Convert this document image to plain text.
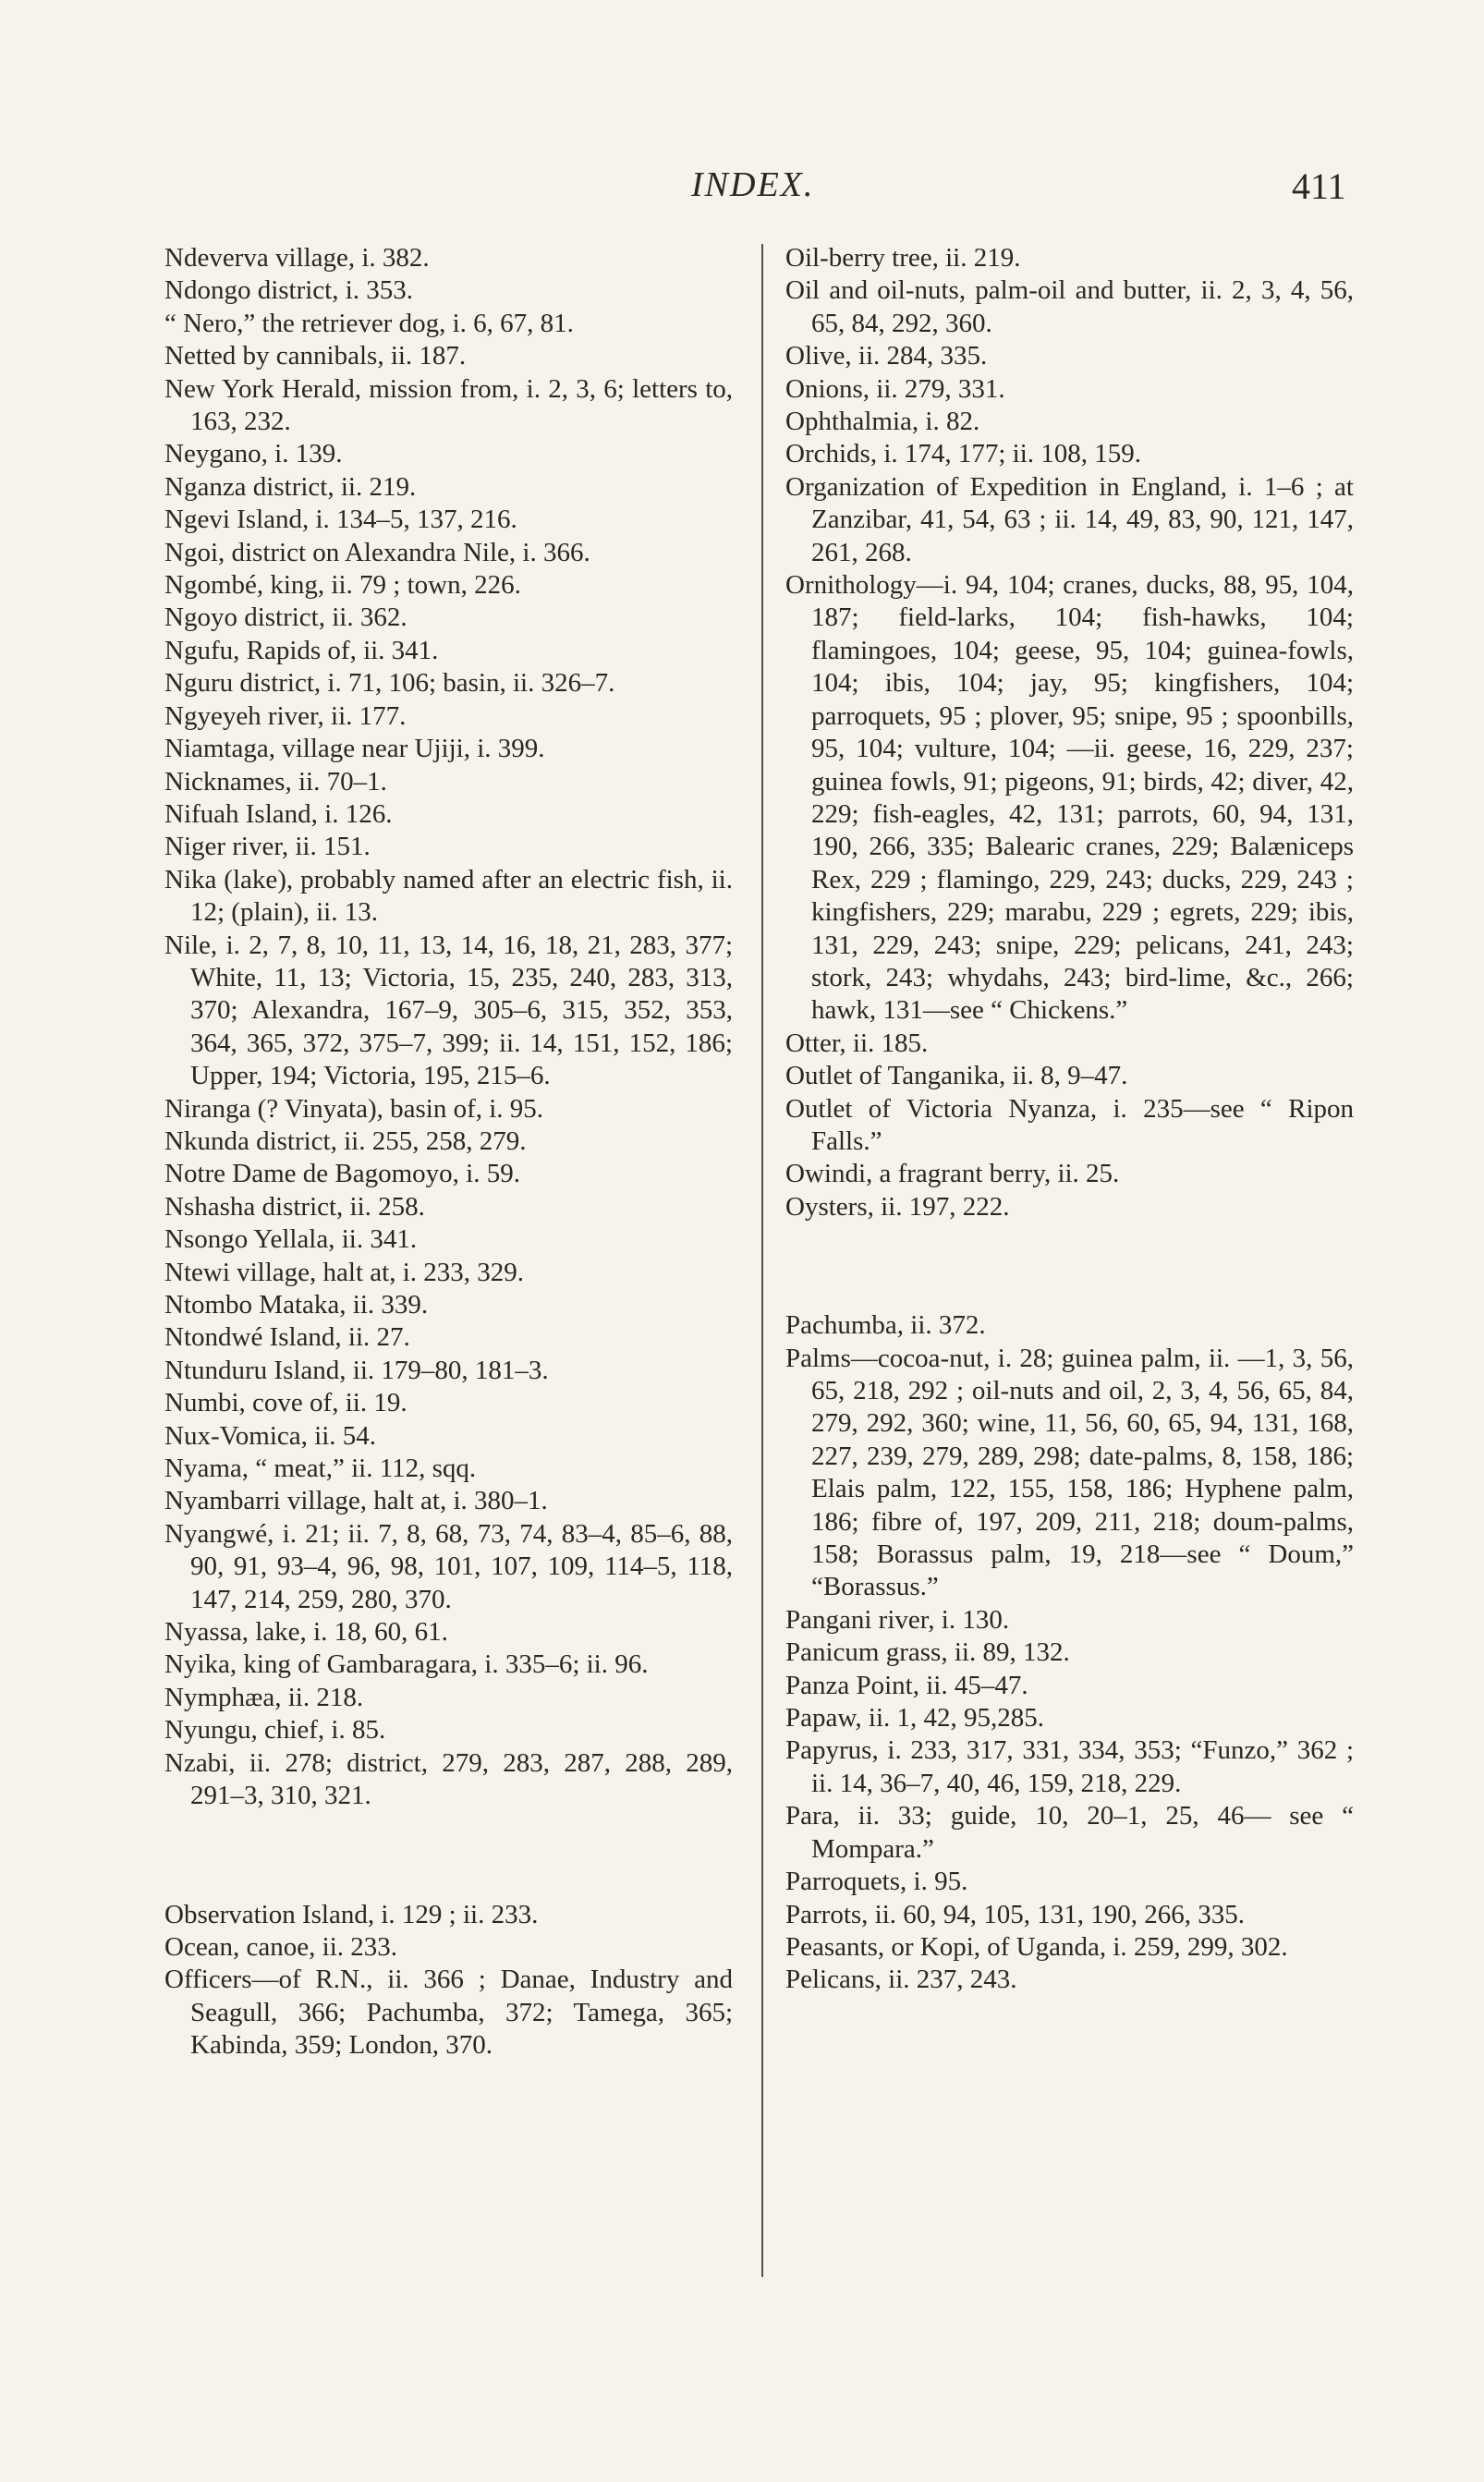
INDEX.	411

Ndeverva village, i. 382.

Ndongo district, i. 353.

“ Nero,” the retriever dog, i. 6, 67, 81.

Netted by cannibals, ii. 187.

New York Herald, mission from, i. 2, 3, 6; letters to, 163, 232.

Neygano, i. 139.

Nganza district, ii. 219.

Ngevi Island, i. 134–5, 137, 216.

Ngoi, district on Alexandra Nile, i. 366.

Ngombé, king, ii. 79 ; town, 226.

Ngoyo district, ii. 362.

Ngufu, Rapids of, ii. 341.

Nguru district, i. 71, 106; basin, ii. 326–7.

Ngyeyeh river, ii. 177.

Niamtaga, village near Ujiji, i. 399.

Nicknames, ii. 70–1.

Nifuah Island, i. 126.

Niger river, ii. 151.

Nika (lake), probably named after an electric fish, ii. 12; (plain), ii. 13.

Nile, i. 2, 7, 8, 10, 11, 13, 14, 16, 18, 21, 283, 377; White, 11, 13; Victoria, 15, 235, 240, 283, 313, 370; Alexandra, 167–9, 305–6, 315, 352, 353, 364, 365, 372, 375–7, 399; ii. 14, 151, 152, 186; Upper, 194; Victoria, 195, 215–6.

Niranga (? Vinyata), basin of, i. 95.

Nkunda district, ii. 255, 258, 279.

Notre Dame de Bagomoyo, i. 59.

Nshasha district, ii. 258.

Nsongo Yellala, ii. 341.

Ntewi village, halt at, i. 233, 329.

Ntombo Mataka, ii. 339.

Ntondwé Island, ii. 27.

Ntunduru Island, ii. 179–80, 181–3.

Numbi, cove of, ii. 19.

Nux-Vomica, ii. 54.

Nyama, “ meat,” ii. 112, sqq.

Nyambarri village, halt at, i. 380–1.

Nyangwé, i. 21; ii. 7, 8, 68, 73, 74, 83–4, 85–6, 88, 90, 91, 93–4, 96, 98, 101, 107, 109, 114–5, 118, 147, 214, 259, 280, 370.

Nyassa, lake, i. 18, 60, 61.

Nyika, king of Gambaragara, i. 335–6; ii. 96.

Nymphæa, ii. 218.

Nyungu, chief, i. 85.

Nzabi, ii. 278; district, 279, 283, 287, 288, 289, 291–3, 310, 321.

Observation Island, i. 129 ; ii. 233.

Ocean, canoe, ii. 233.

Officers—of R.N., ii. 366 ; Danae, Industry and Seagull, 366; Pachumba, 372; Tamega, 365; Kabinda, 359; London, 370.

Oil-berry tree, ii. 219.

Oil and oil-nuts, palm-oil and butter, ii. 2, 3, 4, 56, 65, 84, 292, 360.

Olive, ii. 284, 335.

Onions, ii. 279, 331.

Ophthalmia, i. 82.

Orchids, i. 174, 177; ii. 108, 159.

Organization of Expedition in England, i. 1–6 ; at Zanzibar, 41, 54, 63 ; ii. 14, 49, 83, 90, 121, 147, 261, 268.

Ornithology—i. 94, 104; cranes, ducks, 88, 95, 104, 187; field-larks, 104; fish-hawks, 104; flamingoes, 104; geese, 95, 104; guinea-fowls, 104; ibis, 104; jay, 95; kingfishers, 104; parroquets, 95 ; plover, 95; snipe, 95 ; spoonbills, 95, 104; vulture, 104; —ii. geese, 16, 229, 237; guinea fowls, 91; pigeons, 91; birds, 42; diver, 42, 229; fish-eagles, 42, 131; parrots, 60, 94, 131, 190, 266, 335; Balearic cranes, 229; Balæniceps Rex, 229 ; flamingo, 229, 243; ducks, 229, 243 ; kingfishers, 229; marabu, 229 ; egrets, 229; ibis, 131, 229, 243; snipe, 229; pelicans, 241, 243; stork, 243; whydahs, 243; bird-lime, &c., 266; hawk, 131—see “ Chickens.”

Otter, ii. 185.

Outlet of Tanganika, ii. 8, 9–47.

Outlet of Victoria Nyanza, i. 235—see “ Ripon Falls.”

Owindi, a fragrant berry, ii. 25.

Oysters, ii. 197, 222.

Pachumba, ii. 372.

Palms—cocoa-nut, i. 28; guinea palm, ii. —1, 3, 56, 65, 218, 292 ; oil-nuts and oil, 2, 3, 4, 56, 65, 84, 279, 292, 360; wine, 11, 56, 60, 65, 94, 131, 168, 227, 239, 279, 289, 298; date-palms, 8, 158, 186; Elais palm, 122, 155, 158, 186; Hyphene palm, 186; fibre of, 197, 209, 211, 218; doum-palms, 158; Borassus palm, 19, 218—see “ Doum,” “Borassus.”

Pangani river, i. 130.

Panicum grass, ii. 89, 132.

Panza Point, ii. 45–47.

Papaw, ii. 1, 42, 95,285.

Papyrus, i. 233, 317, 331, 334, 353; “Funzo,” 362 ; ii. 14, 36–7, 40, 46, 159, 218, 229.

Para, ii. 33; guide, 10, 20–1, 25, 46— see “ Mompara.”

Parroquets, i. 95.

Parrots, ii. 60, 94, 105, 131, 190, 266, 335.

Peasants, or Kopi, of Uganda, i. 259, 299, 302.

Pelicans, ii. 237, 243.
